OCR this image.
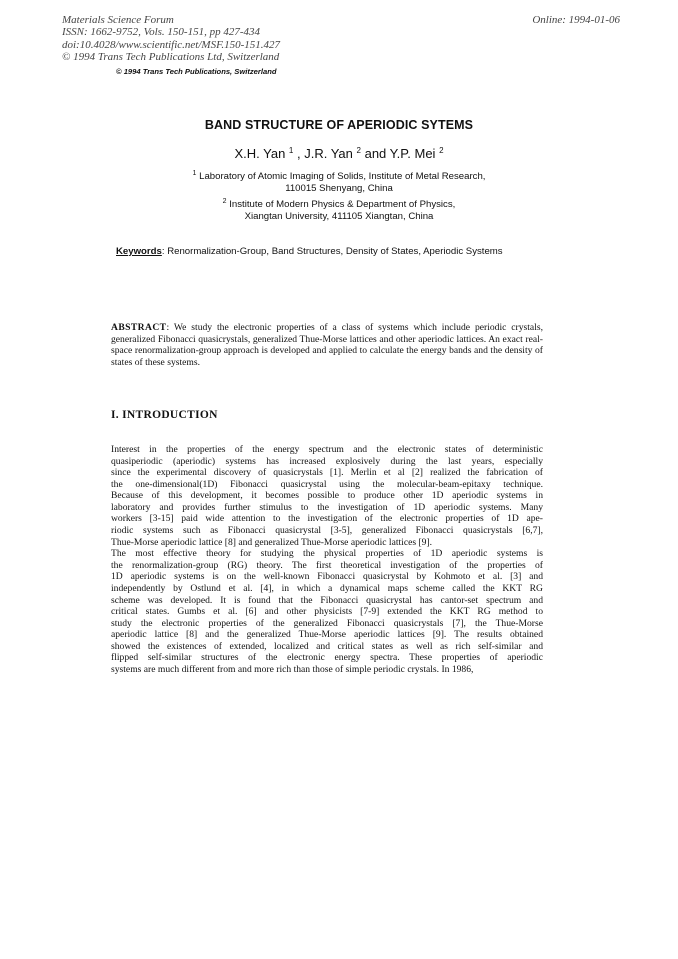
Materials Science Forum
ISSN: 1662-9752, Vols. 150-151, pp 427-434
doi:10.4028/www.scientific.net/MSF.150-151.427
© 1994 Trans Tech Publications Ltd, Switzerland
Online: 1994-01-06
© 1994 Trans Tech Publications, Switzerland
BAND STRUCTURE OF APERIODIC SYTEMS
X.H. Yan $^1$ , J.R. Yan $^2$ and Y.P. Mei $^2$
$^1$ Laboratory of Atomic Imaging of Solids, Institute of Metal Research,
110015 Shenyang, China
$^2$ Institute of Modern Physics & Department of Physics,
Xiangtan University, 411105 Xiangtan, China
Keywords: Renormalization-Group, Band Structures, Density of States, Aperiodic Systems
ABSTRACT: We study the electronic properties of a class of systems which include periodic crystals, generalized Fibonacci quasicrystals, generalized Thue-Morse lattices and other aperiodic lattices. An exact real-space renormalization-group approach is developed and applied to calculate the energy bands and the density of states of these systems.
I. INTRODUCTION
Interest in the properties of the energy spectrum and the electronic states of deterministic
quasiperiodic (aperiodic) systems has increased explosively during the last years, especially
since the experimental discovery of quasicrystals [1]. Merlin et al [2] realized the fabrication of
the one-dimensional(1D) Fibonacci quasicrystal using the molecular-beam-epitaxy technique.
Because of this development, it becomes possible to produce other 1D aperiodic systems in
laboratory and provides further stimulus to the investigation of 1D aperiodic systems. Many
workers [3-15] paid wide attention to the investigation of the electronic properties of 1D ape-
riodic systems such as Fibonacci quasicrystal [3-5], generalized Fibonacci quasicrystals [6,7],
Thue-Morse aperiodic lattice [8] and generalized Thue-Morse aperiodic lattices [9].
The most effective theory for studying the physical properties of 1D aperiodic systems is
the renormalization-group (RG) theory. The first theoretical investigation of the properties of
1D aperiodic systems is on the well-known Fibonacci quasicrystal by Kohmoto et al. [3] and
independently by Ostlund et al. [4], in which a dynamical maps scheme called the KKT RG
scheme was developed. It is found that the Fibonacci quasicrystal has cantor-set spectrum and
critical states. Gumbs et al. [6] and other physicists [7-9] extended the KKT RG method to
study the electronic properties of the generalized Fibonacci quasicrystals [7], the Thue-Morse
aperiodic lattice [8] and the generalized Thue-Morse aperiodic lattices [9]. The results obtained
showed the existences of extended, localized and critical states as well as rich self-similar and
flipped self-similar structures of the electronic energy spectra. These properties of aperiodic
systems are much different from and more rich than those of simple periodic crystals. In 1986,
